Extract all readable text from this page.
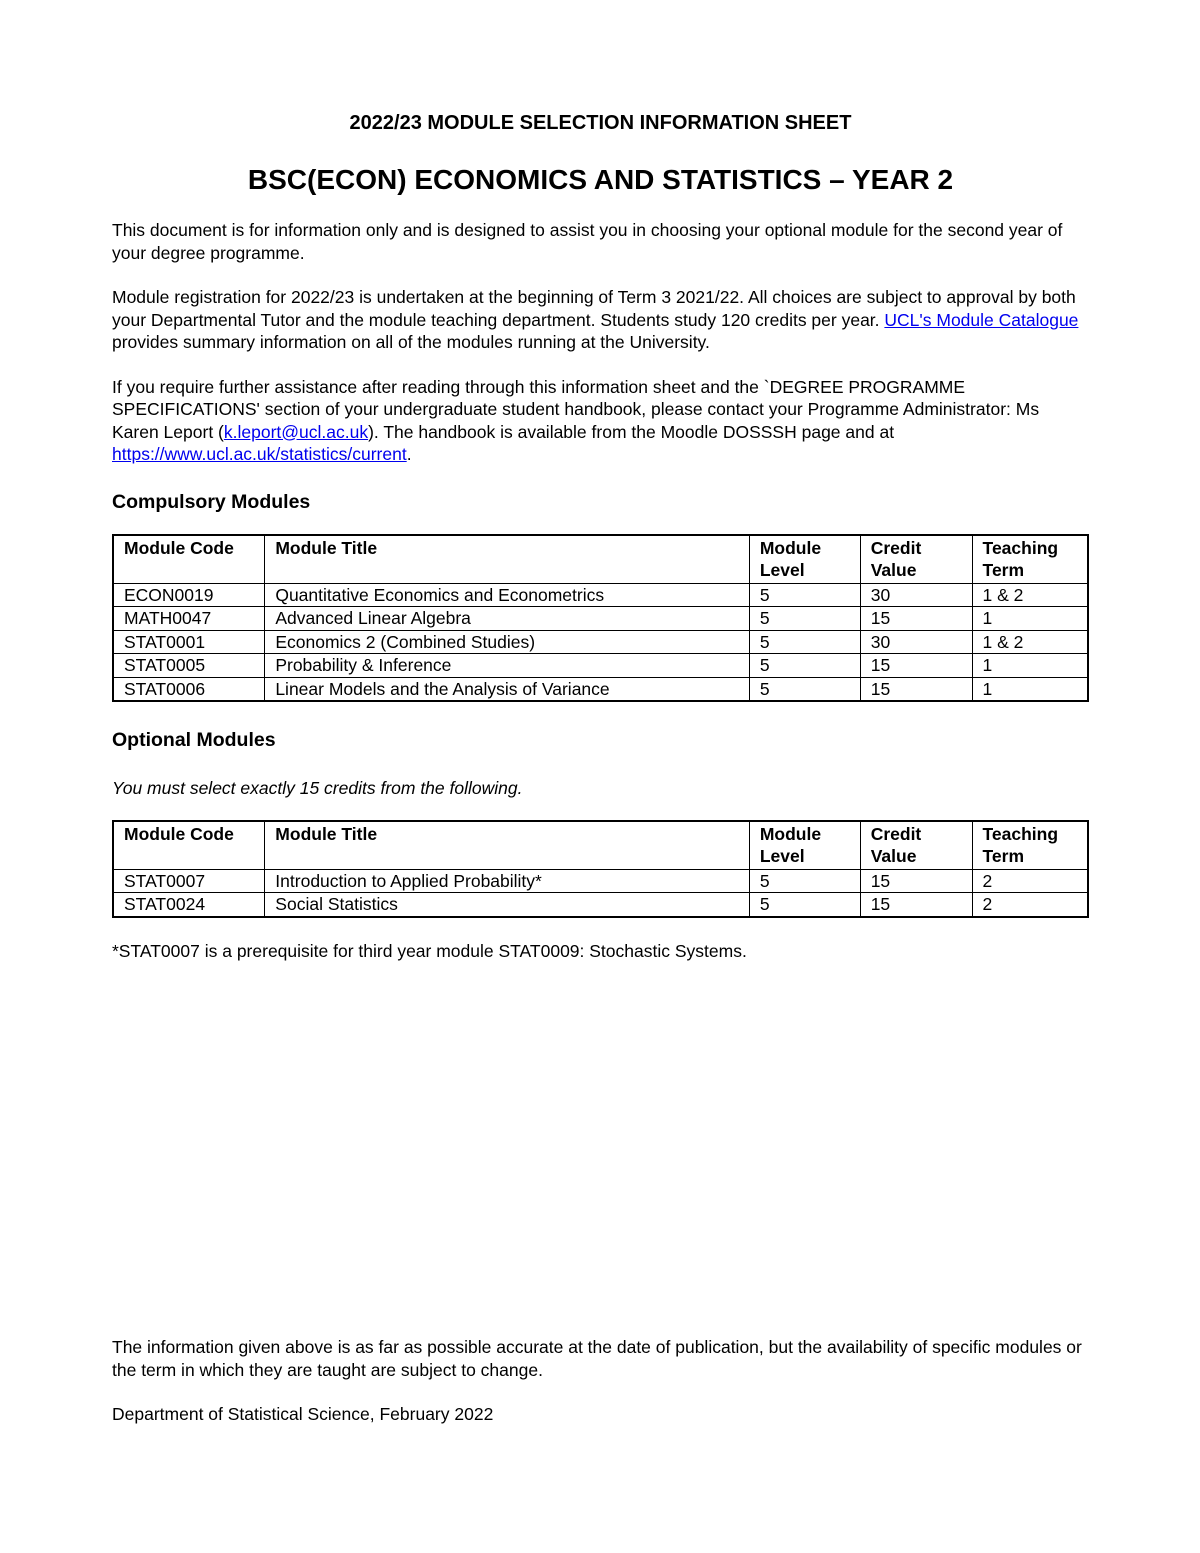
2022/23 MODULE SELECTION INFORMATION SHEET

BSC(ECON) ECONOMICS AND STATISTICS – YEAR 2

This document is for information only and is designed to assist you in choosing your optional module for the second year of your degree programme.

Module registration for 2022/23 is undertaken at the beginning of Term 3 2021/22. All choices are subject to approval by both your Departmental Tutor and the module teaching department. Students study 120 credits per year. UCL's Module Catalogue provides summary information on all of the modules running at the University.

If you require further assistance after reading through this information sheet and the `DEGREE PROGRAMME SPECIFICATIONS' section of your undergraduate student handbook, please contact your Programme Administrator: Ms Karen Leport (k.leport@ucl.ac.uk). The handbook is available from the Moodle DOSSSH page and at https://www.ucl.ac.uk/statistics/current.

Compulsory Modules
Module Code	Module Title	Module Level	Credit Value	Teaching Term
ECON0019	Quantitative Economics and Econometrics	5	30	1 & 2
MATH0047	Advanced Linear Algebra	5	15	1
STAT0001	Economics 2 (Combined Studies)	5	30	1 & 2
STAT0005	Probability & Inference	5	15	1
STAT0006	Linear Models and the Analysis of Variance	5	15	1
Optional Modules

You must select exactly 15 credits from the following.

Module Code	Module Title	Module Level	Credit Value	Teaching Term
STAT0007	Introduction to Applied Probability*	5	15	2
STAT0024	Social Statistics	5	15	2

*STAT0007 is a prerequisite for third year module STAT0009: Stochastic Systems.

The information given above is as far as possible accurate at the date of publication, but the availability of specific modules or the term in which they are taught are subject to change.

Department of Statistical Science, February 2022
